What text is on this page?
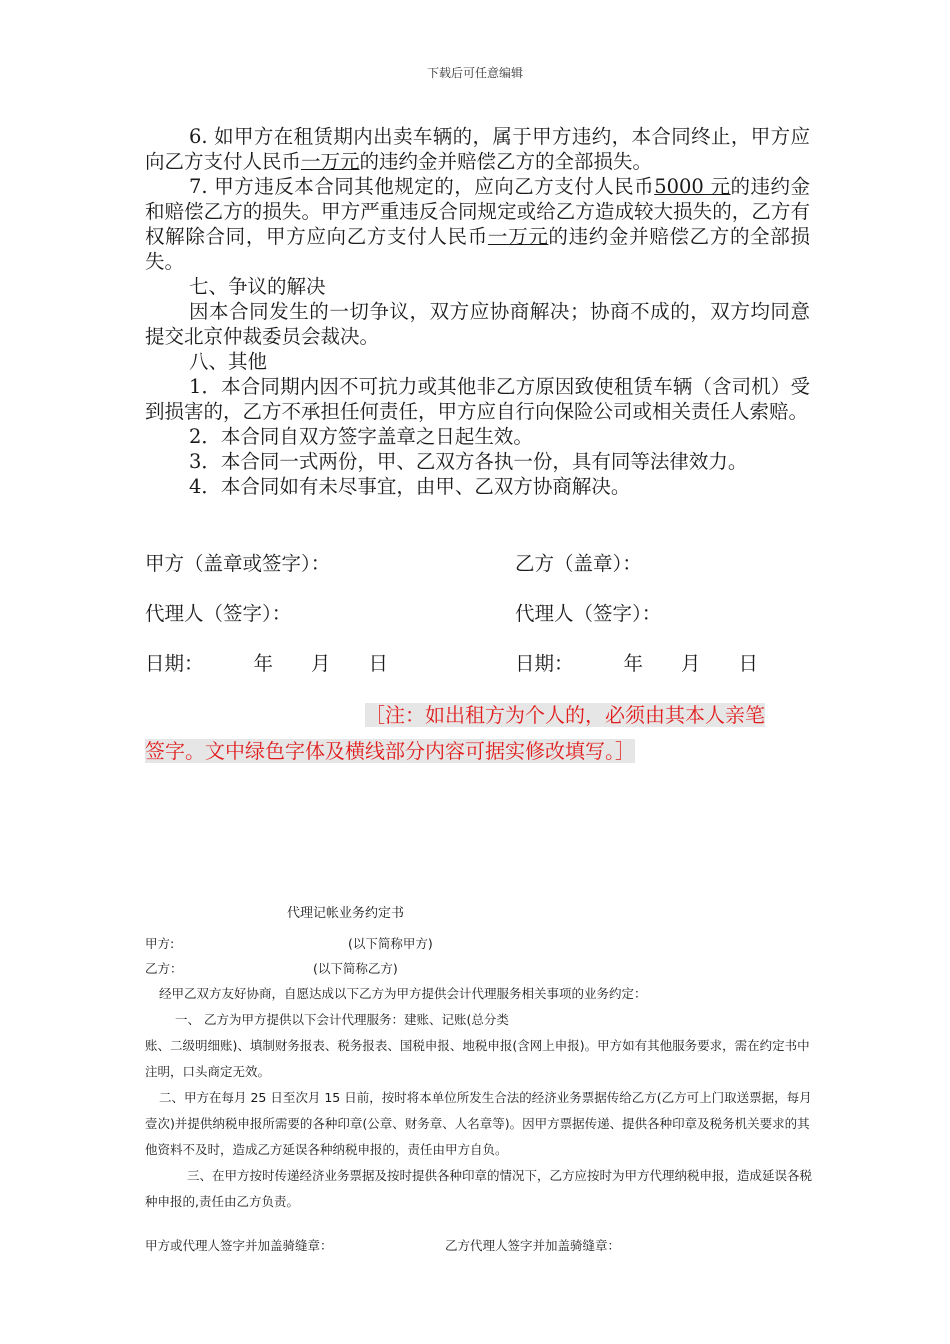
下载后可任意编辑

6. 如甲方在租赁期内出卖车辆的，属于甲方违约，本合同终止，甲方应向乙方支付人民币一万元的违约金并赔偿乙方的全部损失。

7. 甲方违反本合同其他规定的，应向乙方支付人民币5000 元的违约金和赔偿乙方的损失。甲方严重违反合同规定或给乙方造成较大损失的，乙方有权解除合同，甲方应向乙方支付人民币一万元的违约金并赔偿乙方的全部损失。

七、争议的解决

因本合同发生的一切争议，双方应协商解决；协商不成的，双方均同意提交北京仲裁委员会裁决。

八、其他

1．本合同期内因不可抗力或其他非乙方原因致使租赁车辆（含司机）受到损害的，乙方不承担任何责任，甲方应自行向保险公司或相关责任人索赔。

2．本合同自双方签字盖章之日起生效。

3．本合同一式两份，甲、乙双方各执一份，具有同等法律效力。

4．本合同如有未尽事宜，由甲、乙双方协商解决。

甲方（盖章或签字）：	乙方（盖章）：
代理人（签字）：	代理人（签字）：
日期：	年 月 日	日期：	年 月 日
［注：如出租方为个人的，必须由其本人亲笔
签字。文中绿色字体及横线部分内容可据实修改填写。］
代理记帐业务约定书
甲方:	(以下简称甲方)
乙方：	(以下简称乙方)

经甲乙双方友好协商，自愿达成以下乙方为甲方提供会计代理服务相关事项的业务约定：

一、 乙方为甲方提供以下会计代理服务：建账、记账(总分类

账、二级明细账)、填制财务报表、税务报表、国税申报、地税申报(含网上申报)。甲方如有其他服务要求，需在约定书中注明，口头商定无效。

二、甲方在每月 25 日至次月 15 日前，按时将本单位所发生合法的经济业务票据传给乙方(乙方可上门取送票据，每月壹次)并提供纳税申报所需要的各种印章(公章、财务章、人名章等)。因甲方票据传递、提供各种印章及税务机关要求的其他资料不及时，造成乙方延误各种纳税申报的，责任由甲方自负。

三、在甲方按时传递经济业务票据及按时提供各种印章的情况下，乙方应按时为甲方代理纳税申报，造成延误各税种申报的,责任由乙方负责。

甲方或代理人签字并加盖骑缝章：	乙方代理人签字并加盖骑缝章：
